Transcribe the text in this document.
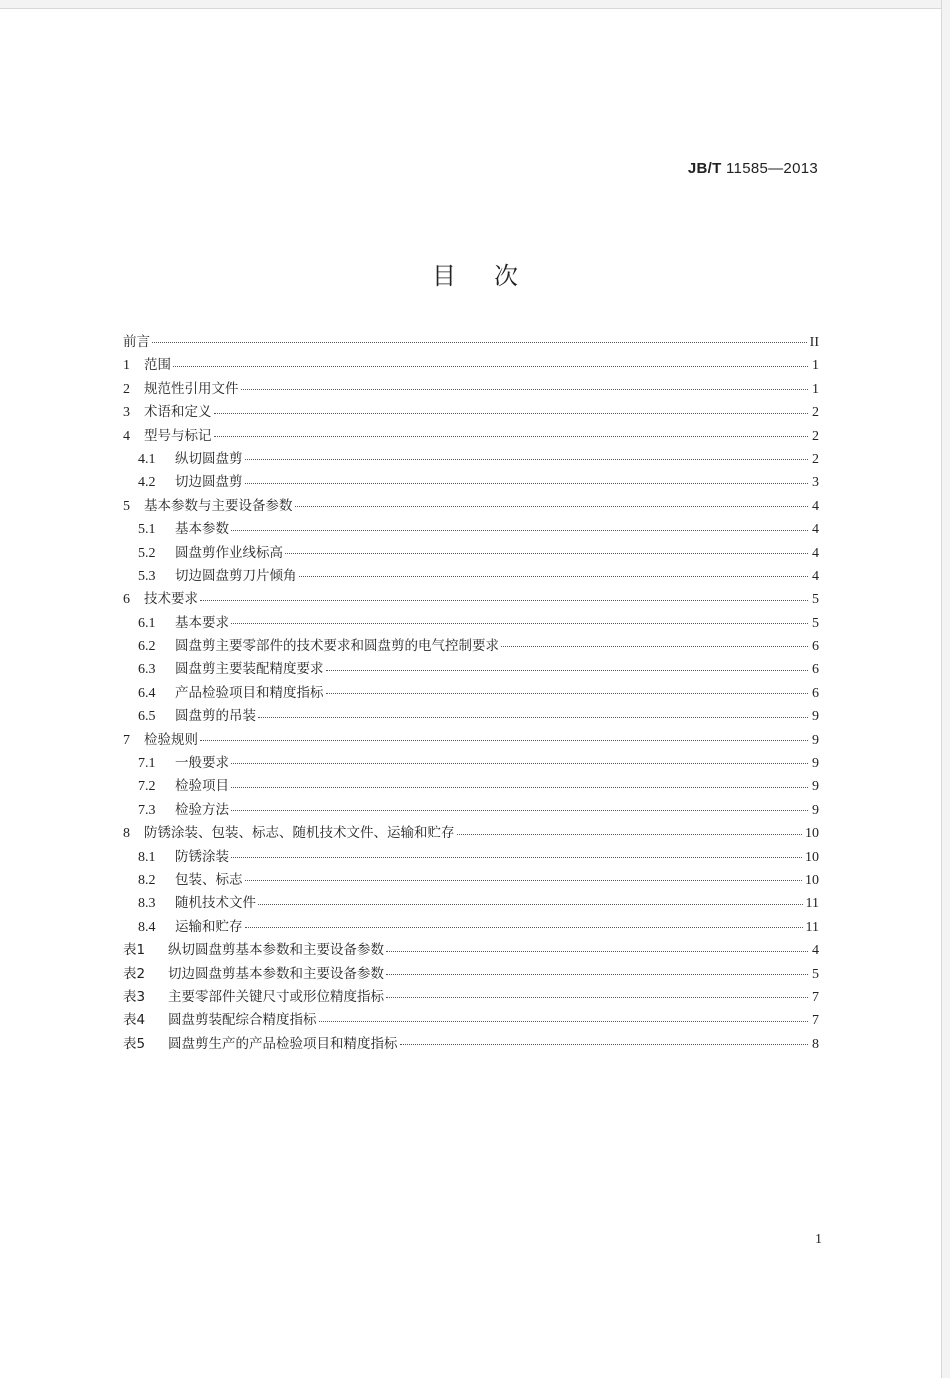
JB/T 11585—2013
目次
前言	II
1	范围	1
2	规范性引用文件	1
3	术语和定义	2
4	型号与标记	2
4.1	纵切圆盘剪	2
4.2	切边圆盘剪	3
5	基本参数与主要设备参数	4
5.1	基本参数	4
5.2	圆盘剪作业线标高	4
5.3	切边圆盘剪刀片倾角	4
6	技术要求	5
6.1	基本要求	5
6.2	圆盘剪主要零部件的技术要求和圆盘剪的电气控制要求	6
6.3	圆盘剪主要装配精度要求	6
6.4	产品检验项目和精度指标	6
6.5	圆盘剪的吊装	9
7	检验规则	9
7.1	一般要求	9
7.2	检验项目	9
7.3	检验方法	9
8	防锈涂装、包装、标志、随机技术文件、运输和贮存	10
8.1	防锈涂装	10
8.2	包装、标志	10
8.3	随机技术文件	11
8.4	运输和贮存	11
表1	纵切圆盘剪基本参数和主要设备参数	4
表2	切边圆盘剪基本参数和主要设备参数	5
表3	主要零部件关键尺寸或形位精度指标	7
表4	圆盘剪装配综合精度指标	7
表5	圆盘剪生产的产品检验项目和精度指标	8
1
